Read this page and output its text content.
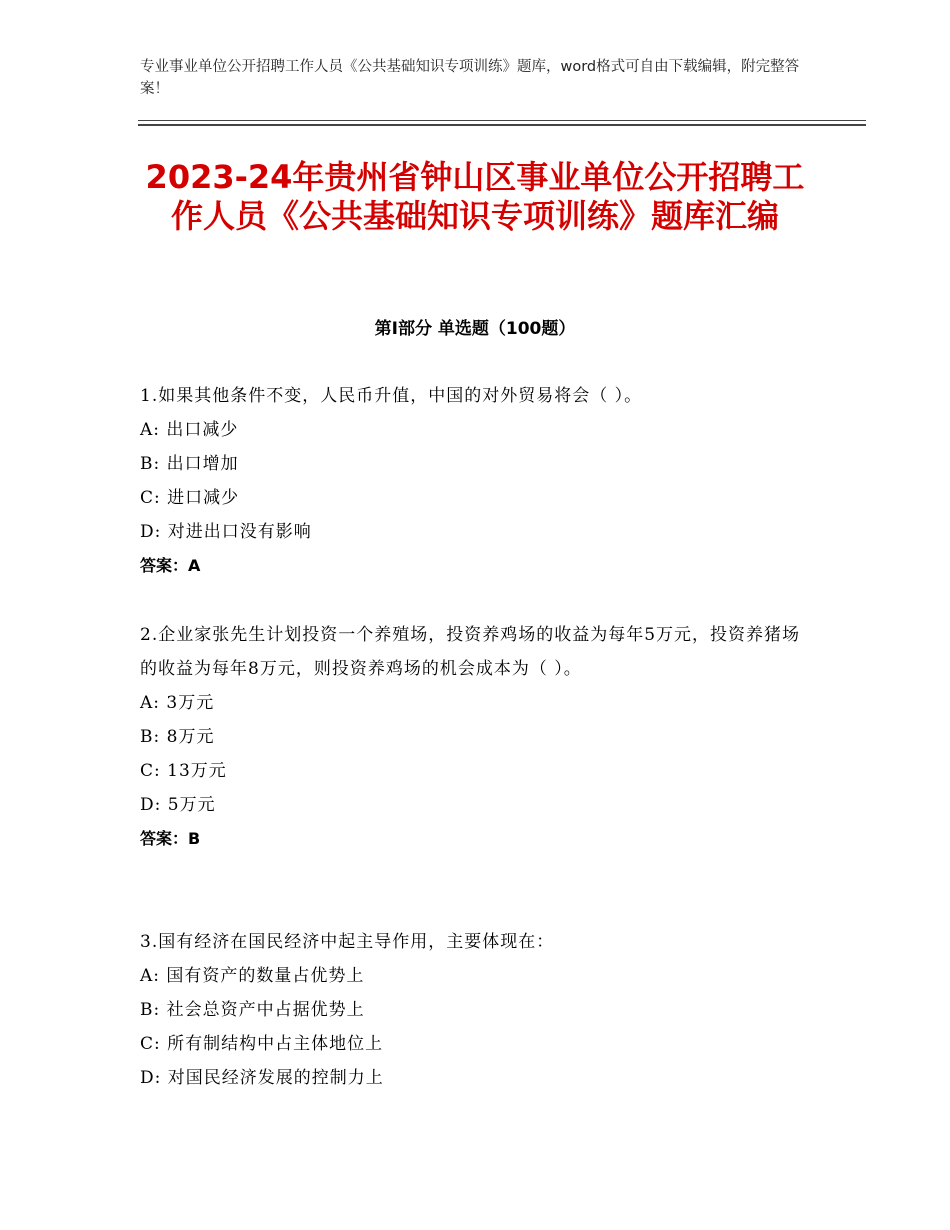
专业事业单位公开招聘工作人员《公共基础知识专项训练》题库，word格式可自由下载编辑，附完整答案！
2023-24年贵州省钟山区事业单位公开招聘工作人员《公共基础知识专项训练》题库汇编
第Ⅰ部分 单选题（100题）
1.如果其他条件不变，人民币升值，中国的对外贸易将会（ ）。
A: 出口减少
B: 出口增加
C: 进口减少
D: 对进出口没有影响
答案：A
2.企业家张先生计划投资一个养殖场，投资养鸡场的收益为每年5万元，投资养猪场的收益为每年8万元，则投资养鸡场的机会成本为（ ）。
A: 3万元
B: 8万元
C: 13万元
D: 5万元
答案：B
3.国有经济在国民经济中起主导作用，主要体现在：
A: 国有资产的数量占优势上
B: 社会总资产中占据优势上
C: 所有制结构中占主体地位上
D: 对国民经济发展的控制力上
